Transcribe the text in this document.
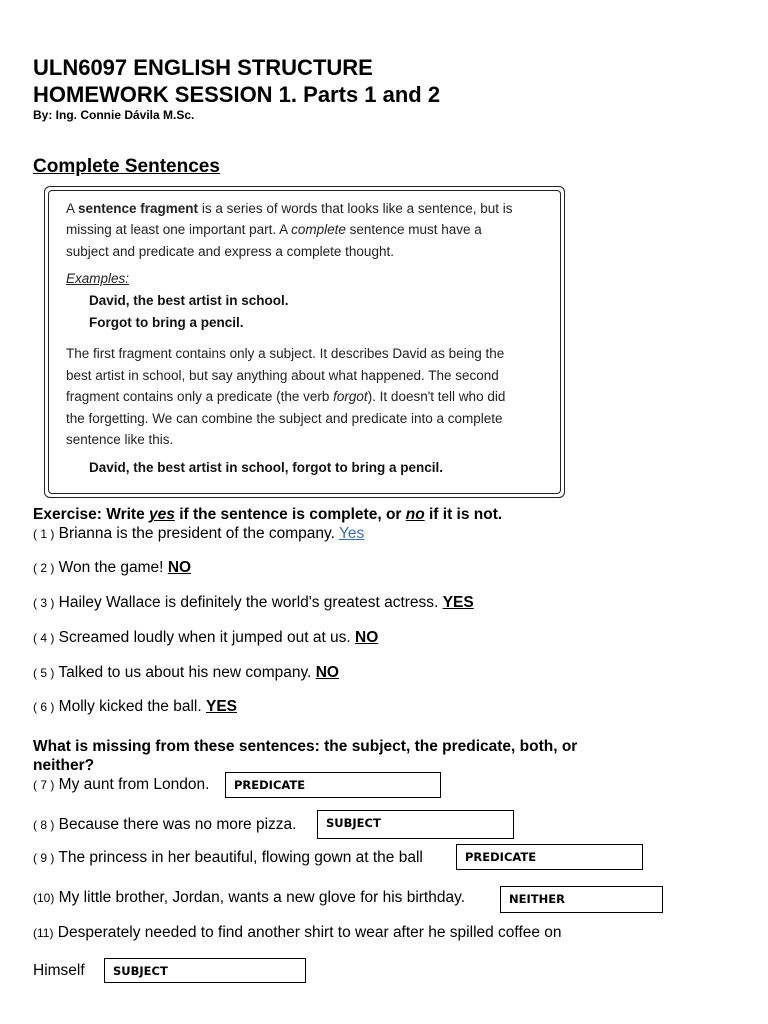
ULN6097 ENGLISH STRUCTURE
HOMEWORK SESSION 1. Parts 1 and 2
By: Ing. Connie Dávila M.Sc.
Complete Sentences
A sentence fragment is a series of words that looks like a sentence, but is
missing at least one important part. A complete sentence must have a
subject and predicate and express a complete thought.
Examples:
David, the best artist in school.
Forgot to bring a pencil.
The first fragment contains only a subject. It describes David as being the
best artist in school, but say anything about what happened. The second
fragment contains only a predicate (the verb forgot). It doesn't tell who did
the forgetting. We can combine the subject and predicate into a complete
sentence like this.
David, the best artist in school, forgot to bring a pencil.
Exercise: Write yes if the sentence is complete, or no if it is not.
( 1 ) Brianna is the president of the company. Yes
( 2 ) Won the game! NO
( 3 ) Hailey Wallace is definitely the world's greatest actress. YES
( 4 ) Screamed loudly when it jumped out at us. NO
( 5 ) Talked to us about his new company. NO
( 6 ) Molly kicked the ball. YES
What is missing from these sentences: the subject, the predicate, both, or
neither?
( 7 ) My aunt from London.	PREDICATE
( 8 ) Because there was no more pizza.	SUBJECT
( 9 ) The princess in her beautiful, flowing gown at the ball	PREDICATE
(10) My little brother, Jordan, wants a new glove for his birthday.	NEITHER
(11) Desperately needed to find another shirt to wear after he spilled coffee on
Himself	SUBJECT
